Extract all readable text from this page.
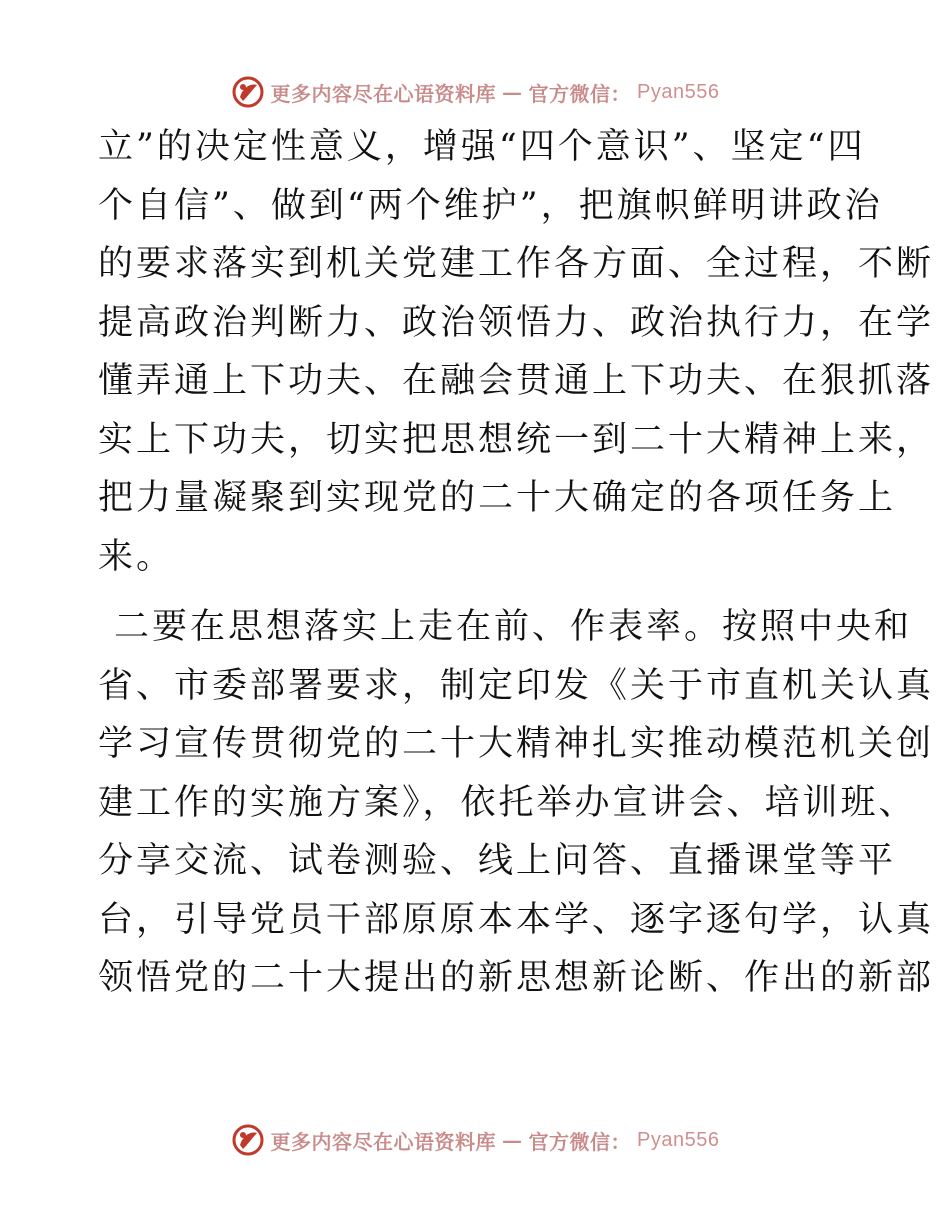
更多内容尽在心语资料库 — 官方微信： Pyan556
立”的决定性意义，增强“四个意识”、坚定“四
个自信”、做到“两个维护”，把旗帜鲜明讲政治
的要求落实到机关党建工作各方面、全过程，不断
提高政治判断力、政治领悟力、政治执行力，在学
懂弄通上下功夫、在融会贯通上下功夫、在狠抓落
实上下功夫，切实把思想统一到二十大精神上来，
把力量凝聚到实现党的二十大确定的各项任务上
来。
二要在思想落实上走在前、作表率。按照中央和
省、市委部署要求，制定印发《关于市直机关认真
学习宣传贯彻党的二十大精神扎实推动模范机关创
建工作的实施方案》，依托举办宣讲会、培训班、
分享交流、试卷测验、线上问答、直播课堂等平
台，引导党员干部原原本本学、逐字逐句学，认真
领悟党的二十大提出的新思想新论断、作出的新部
更多内容尽在心语资料库 — 官方微信： Pyan556
